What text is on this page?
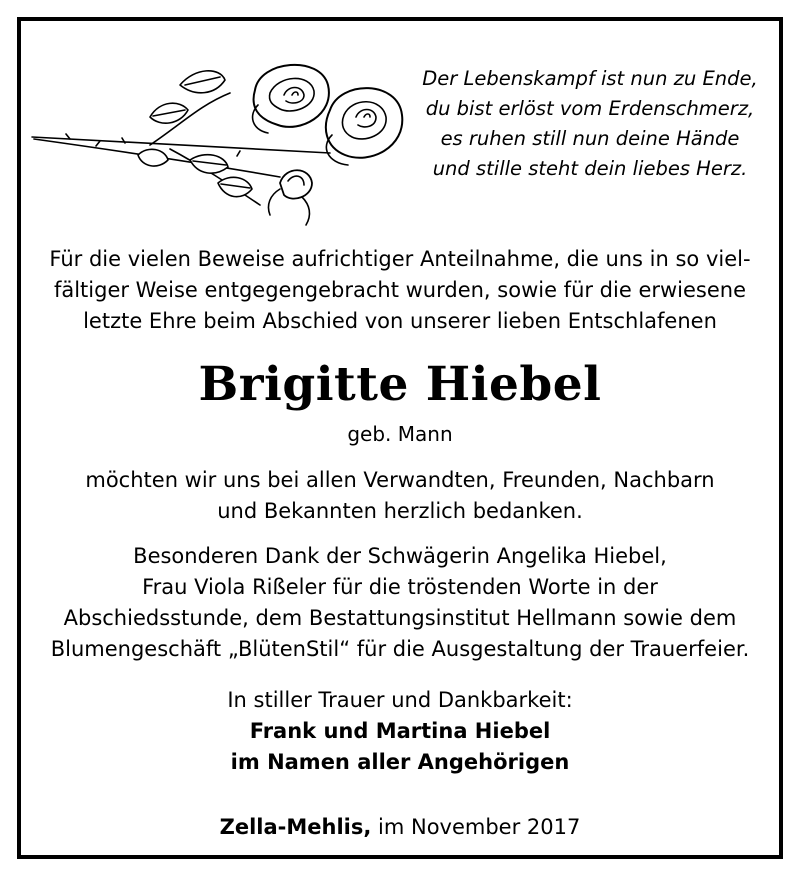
Der Lebenskampf ist nun zu Ende,
du bist erlöst vom Erdenschmerz,
es ruhen still nun deine Hände
und stille steht dein liebes Herz.
Für die vielen Beweise aufrichtiger Anteilnahme, die uns in so viel-
fältiger Weise entgegengebracht wurden, sowie für die erwiesene
letzte Ehre beim Abschied von unserer lieben Entschlafenen
Brigitte Hiebel
geb. Mann
möchten wir uns bei allen Verwandten, Freunden, Nachbarn
und Bekannten herzlich bedanken.
Besonderen Dank der Schwägerin Angelika Hiebel,
Frau Viola Rißeler für die tröstenden Worte in der
Abschiedsstunde, dem Bestattungsinstitut Hellmann sowie dem
Blumengeschäft „BlütenStil“ für die Ausgestaltung der Trauerfeier.
In stiller Trauer und Dankbarkeit:
Frank und Martina Hiebel
im Namen aller Angehörigen
Zella-Mehlis, im November 2017
